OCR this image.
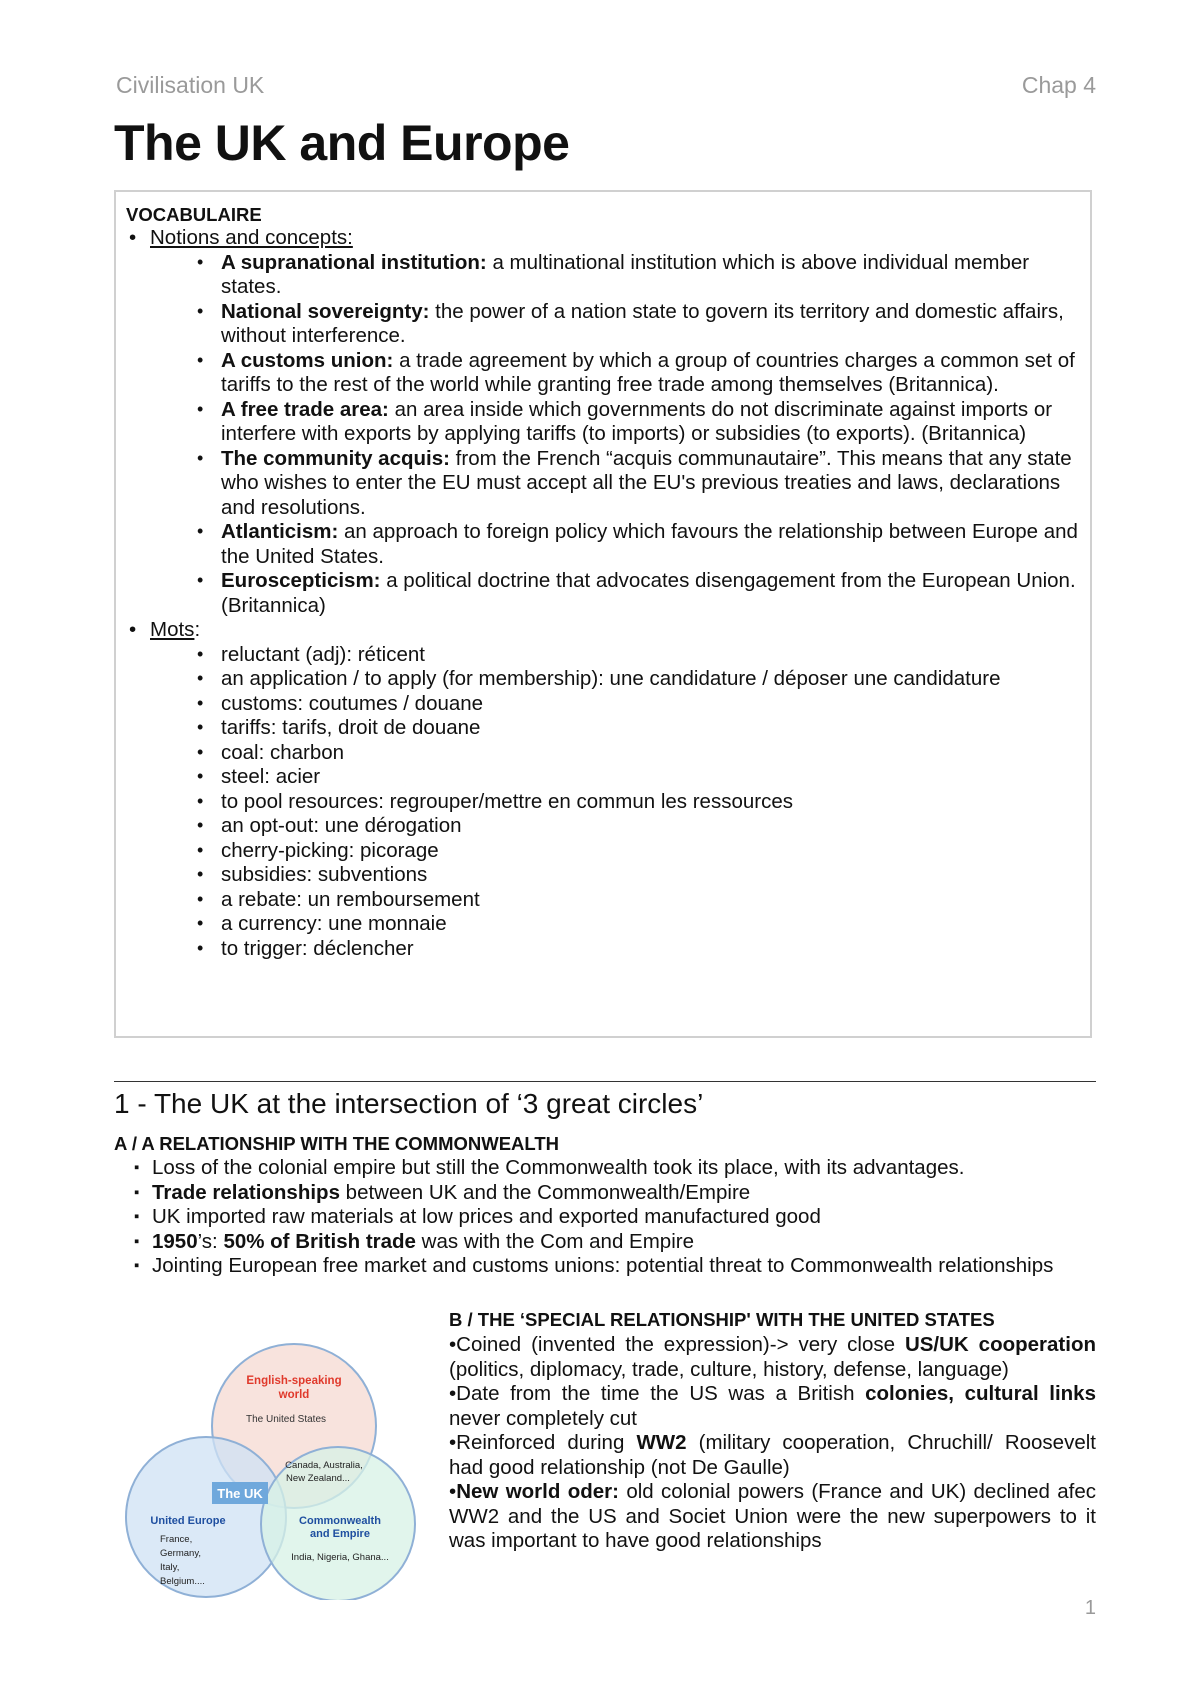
Civilisation UK	Chap 4
The UK and Europe
VOCABULAIRE
• Notions and concepts:
• A supranational institution: a multinational institution which is above individual member states.
• National sovereignty: the power of a nation state to govern its territory and domestic affairs, without interference.
• A customs union: a trade agreement by which a group of countries charges a common set of tariffs to the rest of the world while granting free trade among themselves (Britannica).
• A free trade area: an area inside which governments do not discriminate against imports or interfere with exports by applying tariffs (to imports) or subsidies (to exports). (Britannica)
• The community acquis: from the French “acquis communautaire”. This means that any state who wishes to enter the EU must accept all the EU's previous treaties and laws, declarations and resolutions.
• Atlanticism: an approach to foreign policy which favours the relationship between Europe and the United States.
• Euroscepticism: a political doctrine that advocates disengagement from the European Union. (Britannica)
• Mots:
• reluctant (adj): réticent
• an application / to apply (for membership): une candidature / déposer une candidature
• customs: coutumes / douane
• tariffs: tarifs, droit de douane
• coal: charbon
• steel: acier
• to pool resources: regrouper/mettre en commun les ressources
• an opt-out: une dérogation
• cherry-picking: picorage
• subsidies: subventions
• a rebate: un remboursement
• a currency: une monnaie
• to trigger: déclencher
1 - The UK at the intersection of ‘3 great circles’
A / A RELATIONSHIP WITH THE COMMONWEALTH
▪ Loss of the colonial empire but still the Commonwealth took its place, with its advantages.
▪ Trade relationships between UK and the Commonwealth/Empire
▪ UK imported raw materials at low prices and exported manufactured good
▪ 1950’s: 50% of British trade was with the Com and Empire
▪ Jointing European free market and customs unions: potential threat to Commonwealth relationships
English-speaking
world
The United States
Canada, Australia,
New Zealand...
The UK
United Europe
France,
Germany,
Italy,
Belgium....
Commonwealth
and Empire
India, Nigeria, Ghana...
B / THE ‘SPECIAL RELATIONSHIP' WITH THE UNITED STATES

•Coined (invented the expression)-> very close US/UK cooperation (politics, diplomacy, trade, culture, history, defense, language)

•Date from the time the US was a British colonies, cultural links never completely cut

•Reinforced during WW2 (military cooperation, Chruchill/ Roosevelt had good relationship (not De Gaulle)

•New world oder: old colonial powers (France and UK) declined afec WW2 and the US and Societ Union were the new superpowers to it was important to have good relationships

1
